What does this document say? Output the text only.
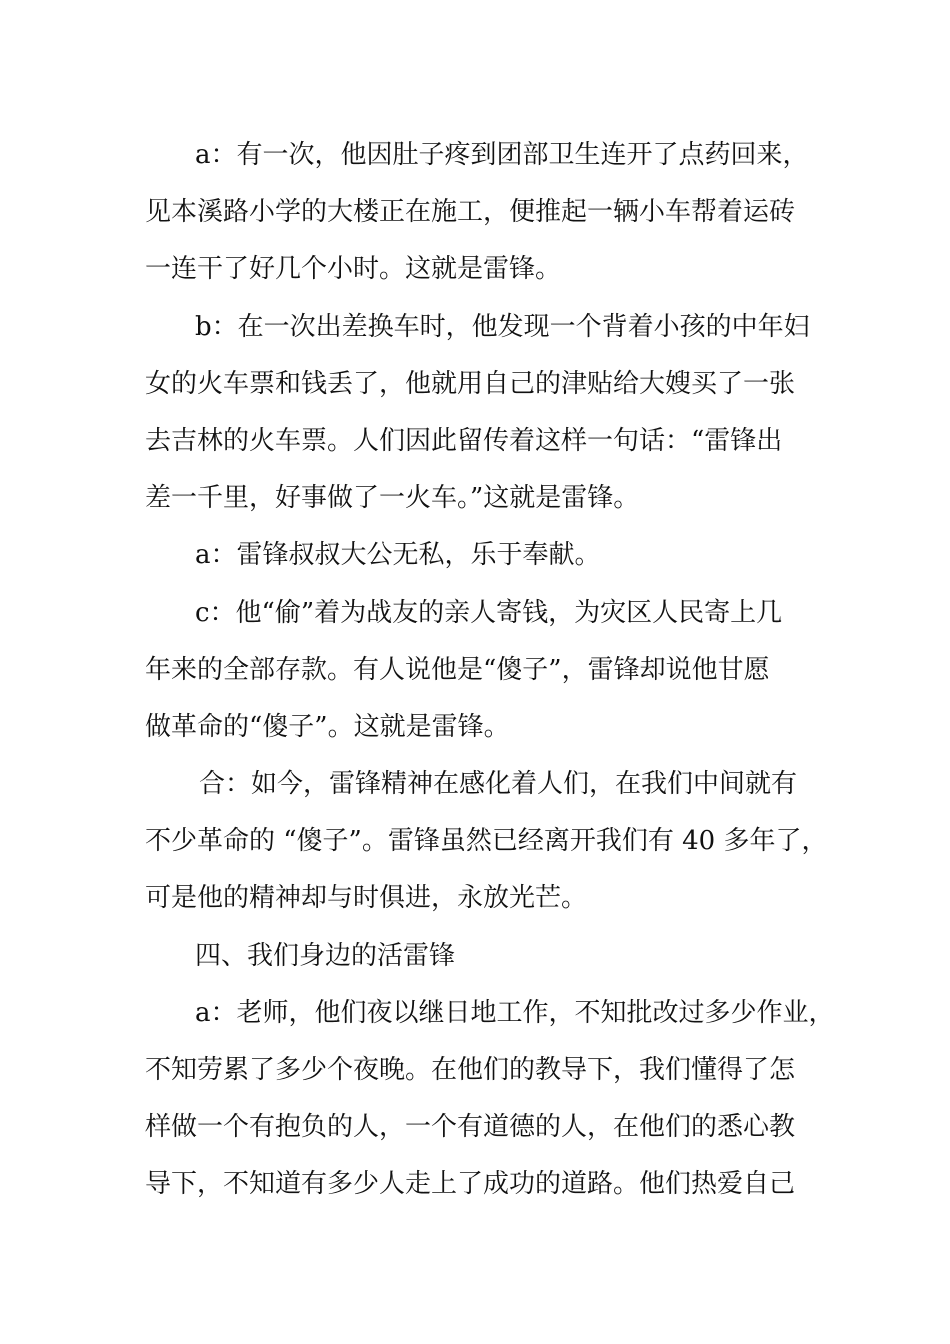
a：有一次，他因肚子疼到团部卫生连开了点药回来，
见本溪路小学的大楼正在施工，便推起一辆小车帮着运砖
一连干了好几个小时。这就是雷锋。
b：在一次出差换车时，他发现一个背着小孩的中年妇
女的火车票和钱丢了，他就用自己的津贴给大嫂买了一张
去吉林的火车票。人们因此留传着这样一句话：“雷锋出
差一千里，好事做了一火车。”这就是雷锋。
a：雷锋叔叔大公无私，乐于奉献。
c：他“偷”着为战友的亲人寄钱，为灾区人民寄上几
年来的全部存款。有人说他是“傻子”，雷锋却说他甘愿
做革命的“傻子”。这就是雷锋。
合：如今，雷锋精神在感化着人们，在我们中间就有
不少革命的 “傻子”。雷锋虽然已经离开我们有 40 多年了，
可是他的精神却与时俱进，永放光芒。
四、我们身边的活雷锋
a：老师，他们夜以继日地工作，不知批改过多少作业，
不知劳累了多少个夜晚。在他们的教导下，我们懂得了怎
样做一个有抱负的人，一个有道德的人，在他们的悉心教
导下，不知道有多少人走上了成功的道路。他们热爱自己
